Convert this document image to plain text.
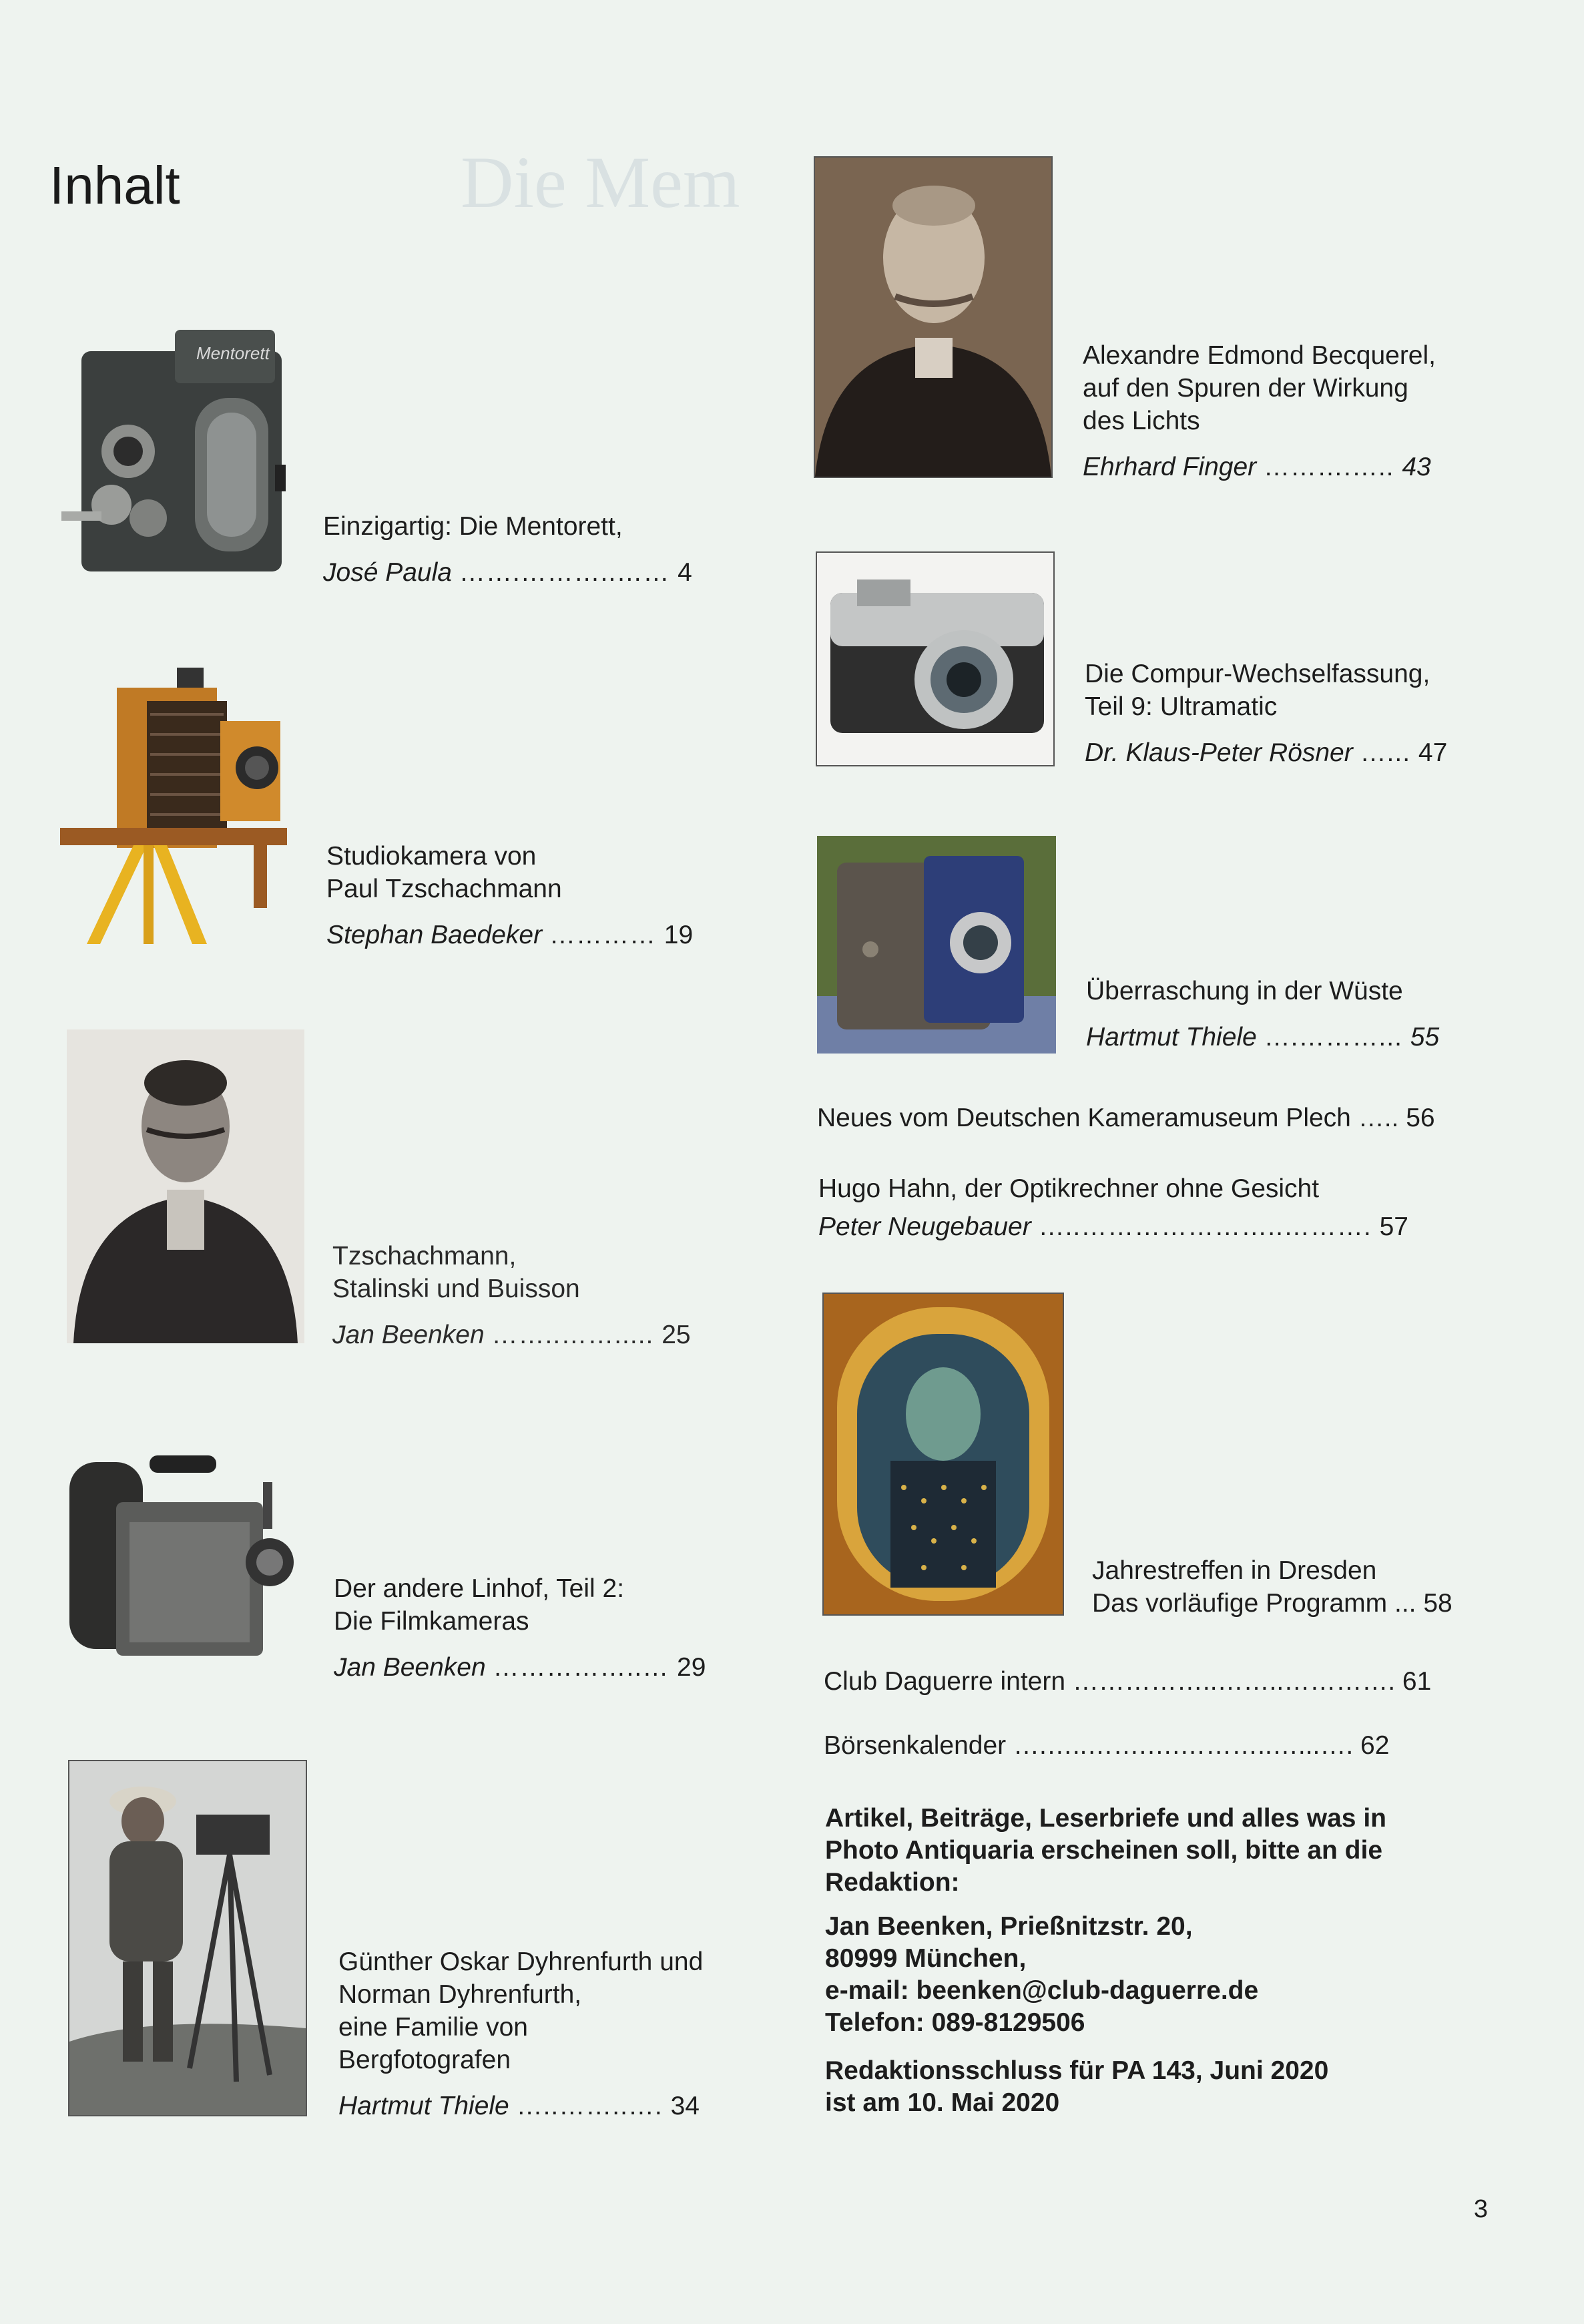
Die Mem
Inhalt
Mentorett
Einzigartig: Die Mentorett,
José Paula …….………..…… 4
Studiokamera von
Paul Tzschachmann
Stephan Baedeker ………… 19
Tzschachmann,
Stalinski und Buisson
Jan Beenken ……..……..... 25
Der andere Linhof, Teil 2:
Die Filmkameras
Jan Beenken ……………..… 29
Günther Oskar Dyhrenfurth und
Norman Dyhrenfurth,
eine Familie von
Bergfotografen
Hartmut Thiele …..……..…. 34
Alexandre Edmond Becquerel,
auf den Spuren der Wirkung
des Lichts
Ehrhard Finger ……….….. 43
Die Compur-Wechselfassung,
Teil 9: Ultramatic
Dr. Klaus-Peter Rösner …... 47
Überraschung in der Wüste
Hartmut Thiele ….………... 55
Neues vom Deutschen Kameramuseum Plech ….. 56
Hugo Hahn, der Optikrechner ohne Gesicht
Peter Neugebauer …..…………………..………. 57
Jahrestreffen in Dresden
Das vorläufige Programm ... 58
Club Daguerre intern ……………..……..…………. 61
Börsenkalender ….…..…….….………..…...…. 62
Artikel, Beiträge, Leserbriefe und alles was in
Photo Antiquaria erscheinen soll, bitte an die
Redaktion:
Jan Beenken, Prießnitzstr. 20,
80999 München,
e-mail: beenken@club-daguerre.de
Telefon: 089-8129506
Redaktionsschluss für PA 143, Juni 2020
ist am 10. Mai 2020
3
